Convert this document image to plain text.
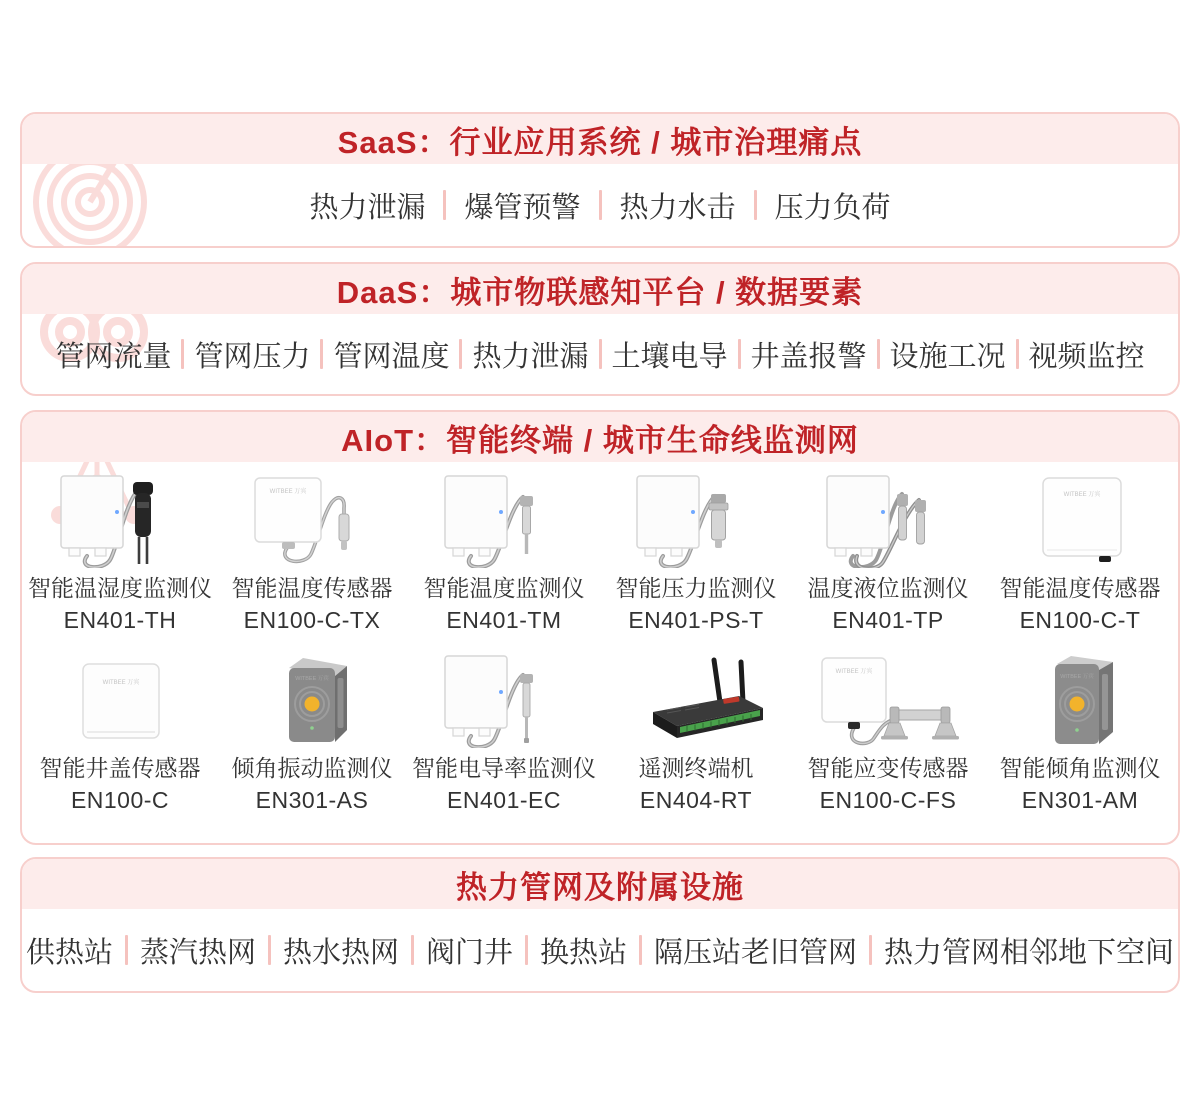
SaaS：行业应用系统 / 城市治理痛点
热力泄漏 爆管预警 热力水击 压力负荷
DaaS：城市物联感知平台 / 数据要素
管网流量 管网压力 管网温度 热力泄漏 土壤电导 井盖报警 设施工况 视频监控
AIoT：智能终端 / 城市生命线监测网
智能温湿度监测仪
EN401-TH
WITBEE 万宾
智能温度传感器
EN100-C-TX
智能温度监测仪
EN401-TM
智能压力监测仪
EN401-PS-T
温度液位监测仪
EN401-TP
WITBEE 万宾
智能温度传感器
EN100-C-T
WITBEE 万宾
智能井盖传感器
EN100-C
WITBEE 万宾
倾角振动监测仪
EN301-AS
智能电导率监测仪
EN401-EC
遥测终端机
EN404-RT
WITBEE 万宾
智能应变传感器
EN100-C-FS
WITBEE 万宾
智能倾角监测仪
EN301-AM
热力管网及附属设施
供热站 蒸汽热网 热水热网 阀门井 换热站 隔压站老旧管网 热力管网相邻地下空间
